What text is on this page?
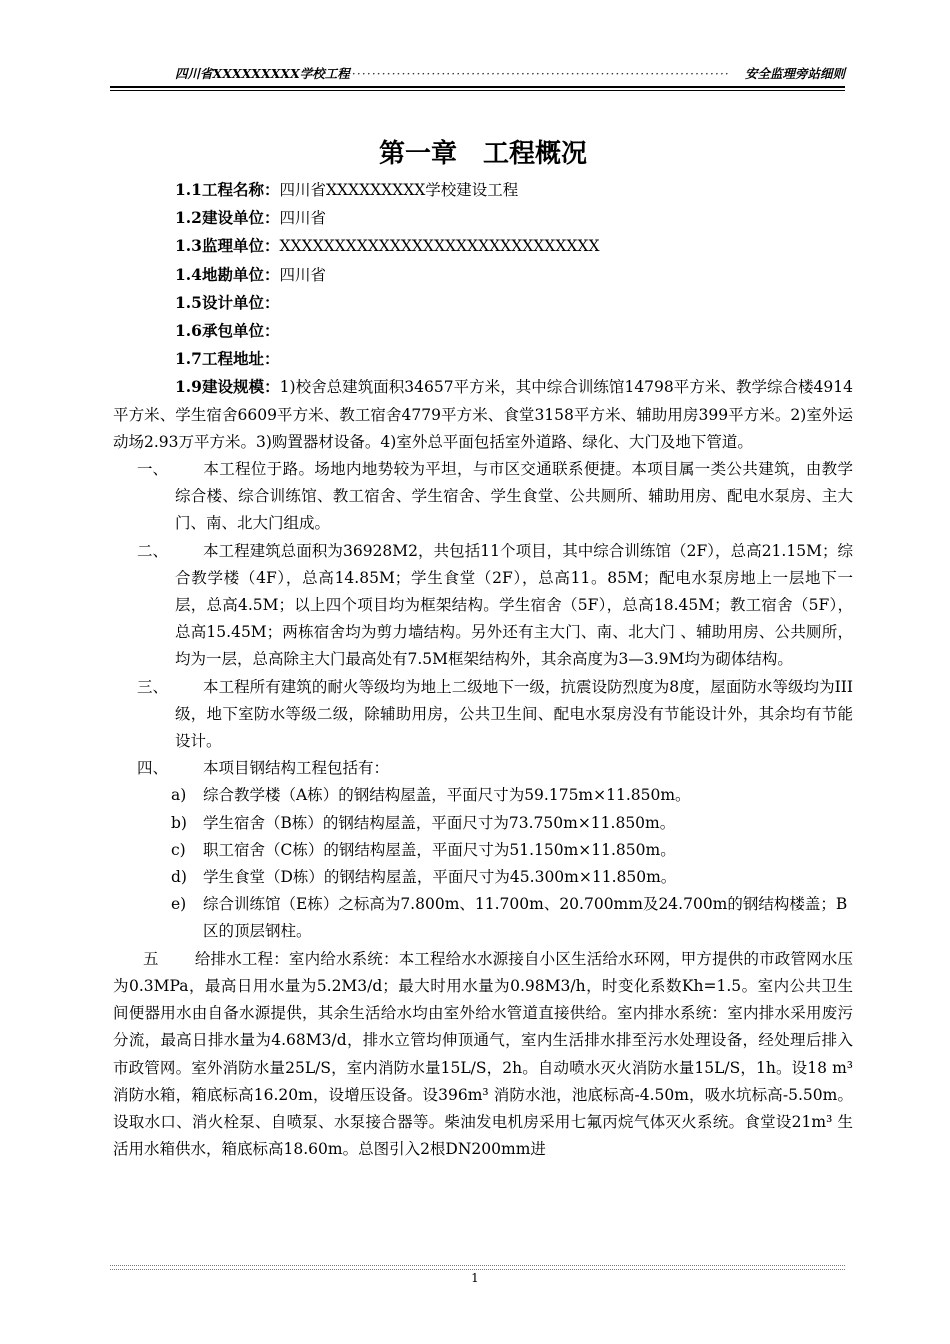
四川省XXXXXXXXX学校工程 ············································································	安全监理旁站细则
第一章　工程概况

1.1工程名称：四川省XXXXXXXXX学校建设工程

1.2建设单位：四川省

1.3监理单位：XXXXXXXXXXXXXXXXXXXXXXXXXXXXX

1.4地勘单位：四川省

1.5设计单位：

1.6承包单位：

1.7工程地址：

1.9建设规模：1)校舍总建筑面积34657平方米，其中综合训练馆14798平方米、教学综合楼4914平方米、学生宿舍6609平方米、教工宿舍4779平方米、食堂3158平方米、辅助用房399平方米。2)室外运动场2.93万平方米。3)购置器材设备。4)室外总平面包括室外道路、绿化、大门及地下管道。

一、	本工程位于路。场地内地势较为平坦，与市区交通联系便捷。本项目属一类公共建筑，由教学综合楼、综合训练馆、教工宿舍、学生宿舍、学生食堂、公共厕所、辅助用房、配电水泵房、主大门、南、北大门组成。
二、	本工程建筑总面积为36928M2，共包括11个项目，其中综合训练馆（2F），总高21.15M；综合教学楼（4F），总高14.85M；学生食堂（2F），总高11。85M；配电水泵房地上一层地下一层，总高4.5M；以上四个项目均为框架结构。学生宿舍（5F），总高18.45M；教工宿舍（5F），总高15.45M；两栋宿舍均为剪力墙结构。另外还有主大门、南、北大门 、辅助用房、公共厕所，均为一层，总高除主大门最高处有7.5M框架结构外，其余高度为3—3.9M均为砌体结构。
三、	本工程所有建筑的耐火等级均为地上二级地下一级，抗震设防烈度为8度，屋面防水等级均为III级，地下室防水等级二级，除辅助用房，公共卫生间、配电水泵房没有节能设计外，其余均有节能设计。
四、	本项目钢结构工程包括有：
a)	综合教学楼（A栋）的钢结构屋盖，平面尺寸为59.175m×11.850m。
b)	学生宿舍（B栋）的钢结构屋盖，平面尺寸为73.750m×11.850m。
c)	职工宿舍（C栋）的钢结构屋盖，平面尺寸为51.150m×11.850m。
d)	学生食堂（D栋）的钢结构屋盖，平面尺寸为45.300m×11.850m。
e)	综合训练馆（E栋）之标高为7.800m、11.700m、20.700mm及24.700m的钢结构楼盖；B区的顶层钢柱。

五 给排水工程：室内给水系统：本工程给水水源接自小区生活给水环网，甲方提供的市政管网水压为0.3MPa，最高日用水量为5.2M3/d；最大时用水量为0.98M3/h，时变化系数Kh=1.5。室内公共卫生间便器用水由自备水源提供，其余生活给水均由室外给水管道直接供给。室内排水系统：室内排水采用废污分流，最高日排水量为4.68M3/d，排水立管均伸顶通气，室内生活排水排至污水处理设备，经处理后排入市政管网。室外消防水量25L/S，室内消防水量15L/S，2h。自动喷水灭火消防水量15L/S，1h。设18 m³ 消防水箱，箱底标高16.20m，设增压设备。设396m³ 消防水池，池底标高-4.50m，吸水坑标高-5.50m。设取水口、消火栓泵、自喷泵、水泵接合器等。柴油发电机房采用七氟丙烷气体灭火系统。食堂设21m³ 生活用水箱供水，箱底标高18.60m。总图引入2根DN200mm进

1
